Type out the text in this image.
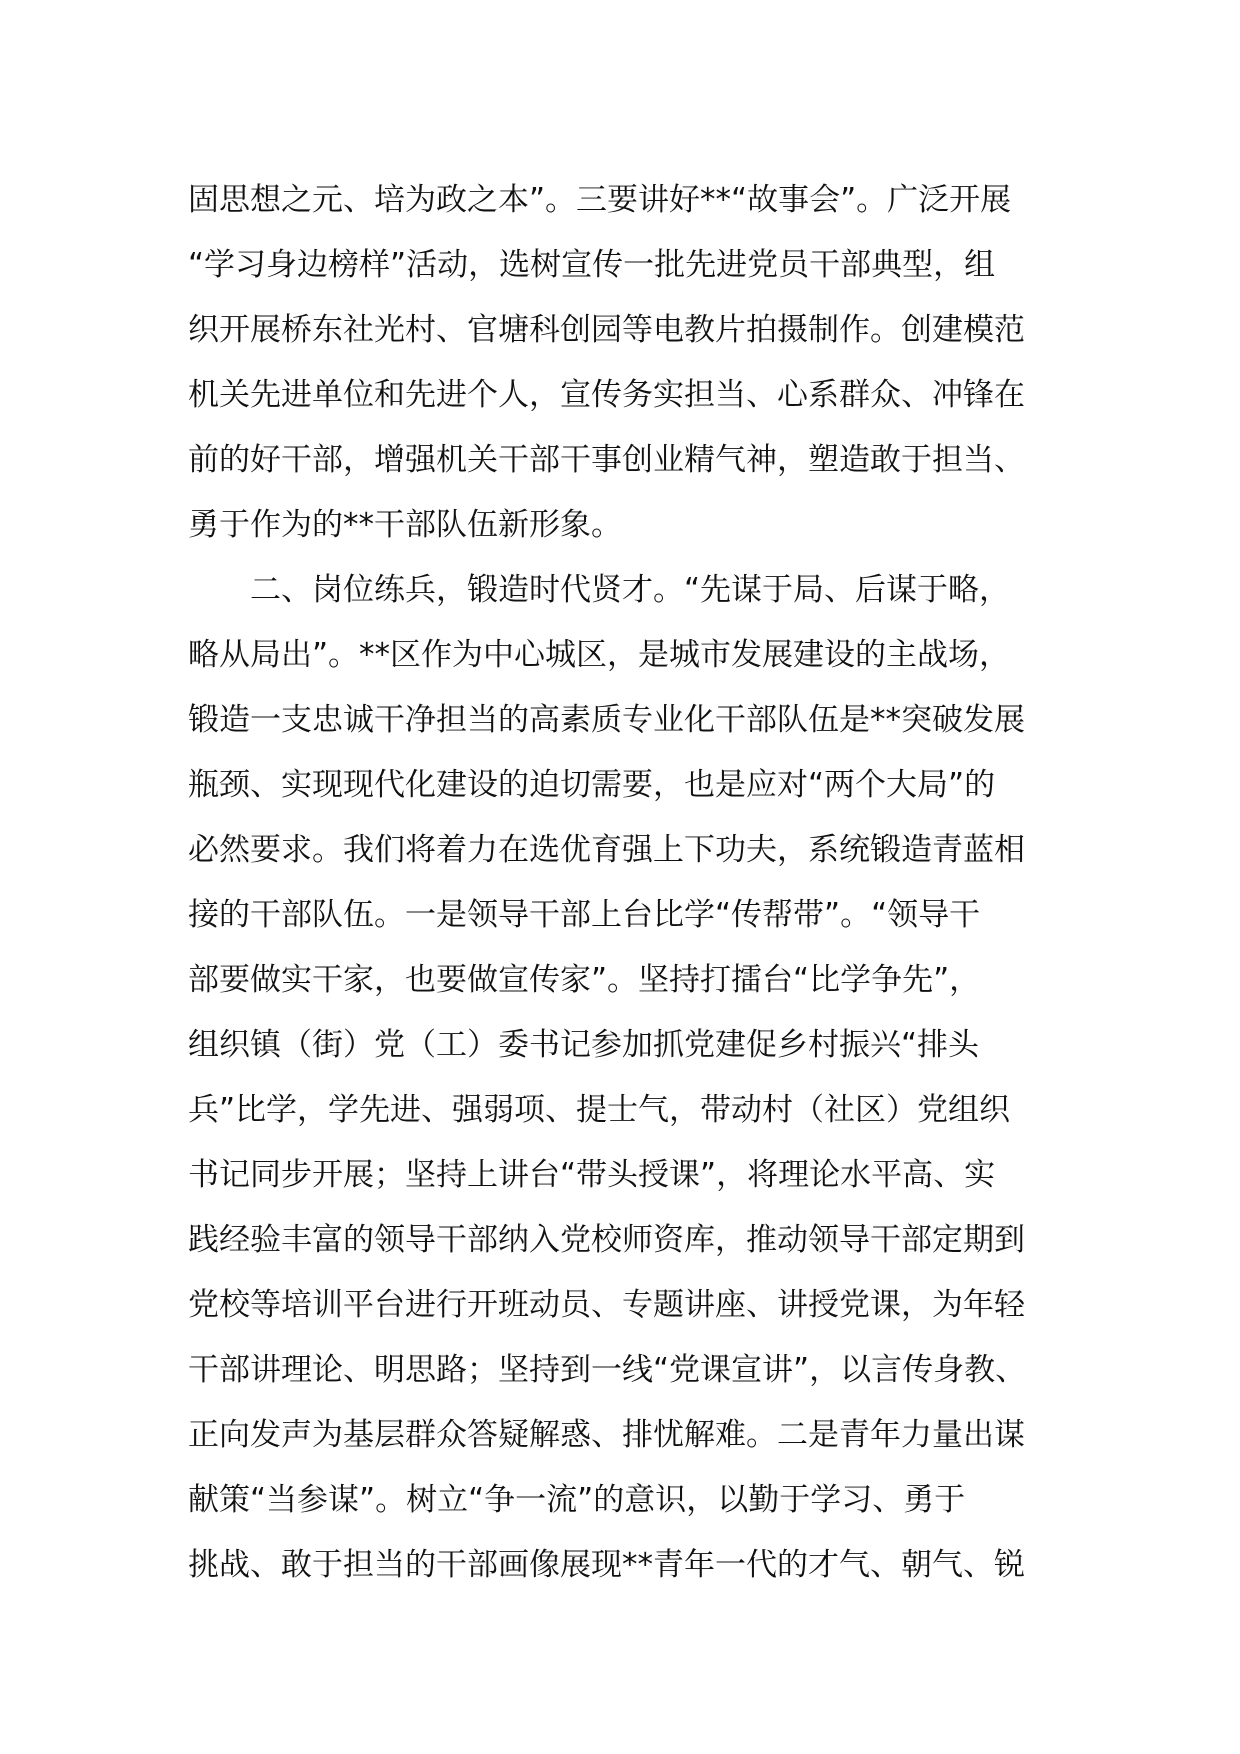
固思想之元、培为政之本”。三要讲好**“故事会”。广泛开展
“学习身边榜样”活动，选树宣传一批先进党员干部典型，组
织开展桥东社光村、官塘科创园等电教片拍摄制作。创建模范
机关先进单位和先进个人，宣传务实担当、心系群众、冲锋在
前的好干部，增强机关干部干事创业精气神，塑造敢于担当、
勇于作为的**干部队伍新形象。
二、岗位练兵，锻造时代贤才。“先谋于局、后谋于略，
略从局出”。**区作为中心城区，是城市发展建设的主战场，
锻造一支忠诚干净担当的高素质专业化干部队伍是**突破发展
瓶颈、实现现代化建设的迫切需要，也是应对“两个大局”的
必然要求。我们将着力在选优育强上下功夫，系统锻造青蓝相
接的干部队伍。一是领导干部上台比学“传帮带”。“领导干
部要做实干家，也要做宣传家”。坚持打擂台“比学争先”，
组织镇（街）党（工）委书记参加抓党建促乡村振兴“排头
兵”比学，学先进、强弱项、提士气，带动村（社区）党组织
书记同步开展；坚持上讲台“带头授课”，将理论水平高、实
践经验丰富的领导干部纳入党校师资库，推动领导干部定期到
党校等培训平台进行开班动员、专题讲座、讲授党课，为年轻
干部讲理论、明思路；坚持到一线“党课宣讲”，以言传身教、
正向发声为基层群众答疑解惑、排忧解难。二是青年力量出谋
献策“当参谋”。树立“争一流”的意识，以勤于学习、勇于
挑战、敢于担当的干部画像展现**青年一代的才气、朝气、锐
